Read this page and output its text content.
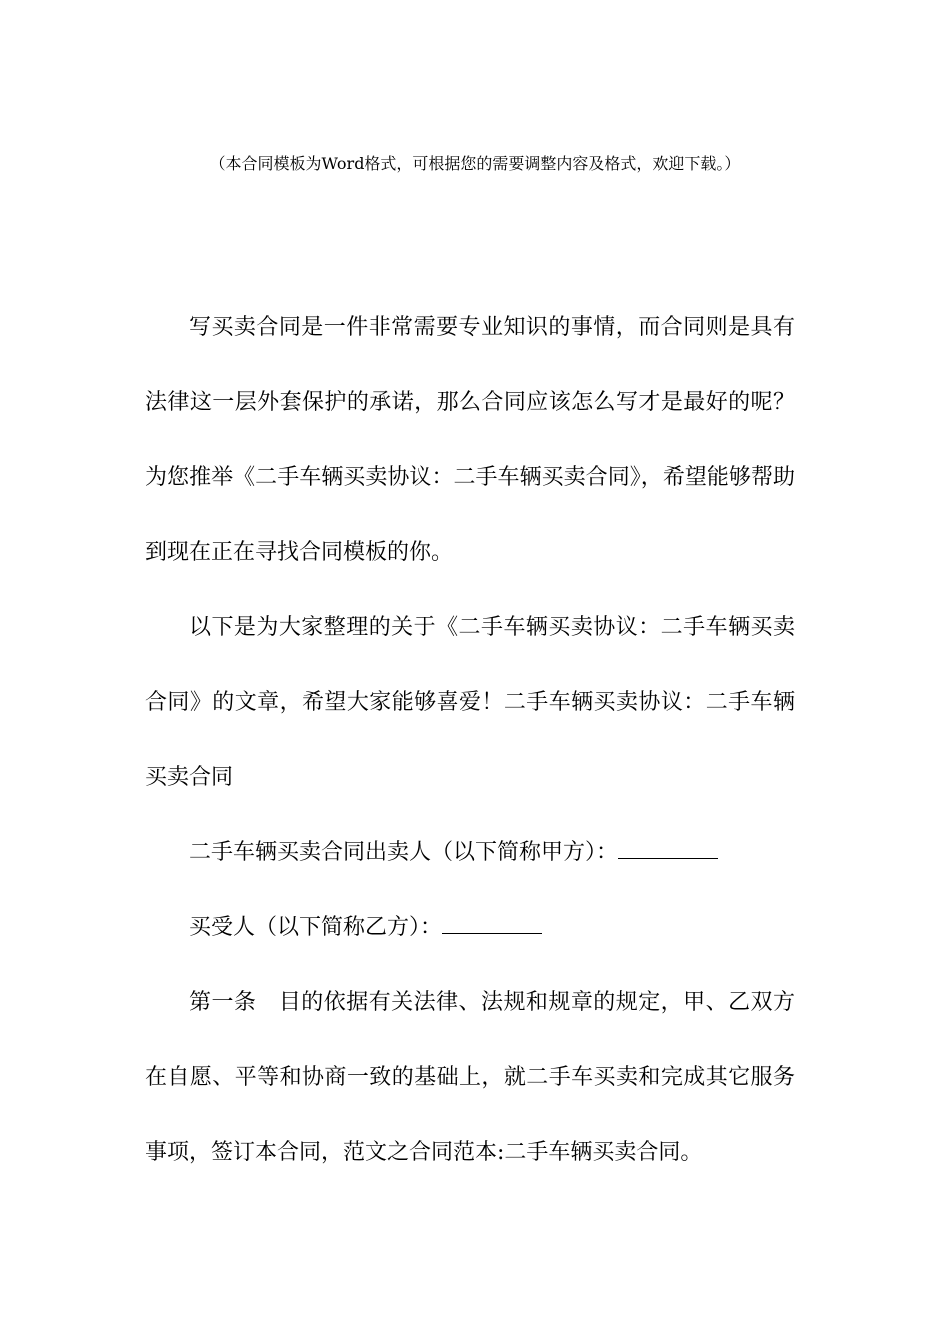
（本合同模板为Word格式，可根据您的需要调整内容及格式，欢迎下载。）

写买卖合同是一件非常需要专业知识的事情，而合同则是具有法律这一层外套保护的承诺，那么合同应该怎么写才是最好的呢？为您推举《二手车辆买卖协议：二手车辆买卖合同》，希望能够帮助到现在正在寻找合同模板的你。

以下是为大家整理的关于《二手车辆买卖协议：二手车辆买卖合同》的文章，希望大家能够喜爱！二手车辆买卖协议：二手车辆买卖合同

二手车辆买卖合同出卖人（以下简称甲方）：

买受人（以下简称乙方）：

第一条　目的依据有关法律、法规和规章的规定，甲、乙双方在自愿、平等和协商一致的基础上，就二手车买卖和完成其它服务事项，签订本合同，范文之合同范本:二手车辆买卖合同。
